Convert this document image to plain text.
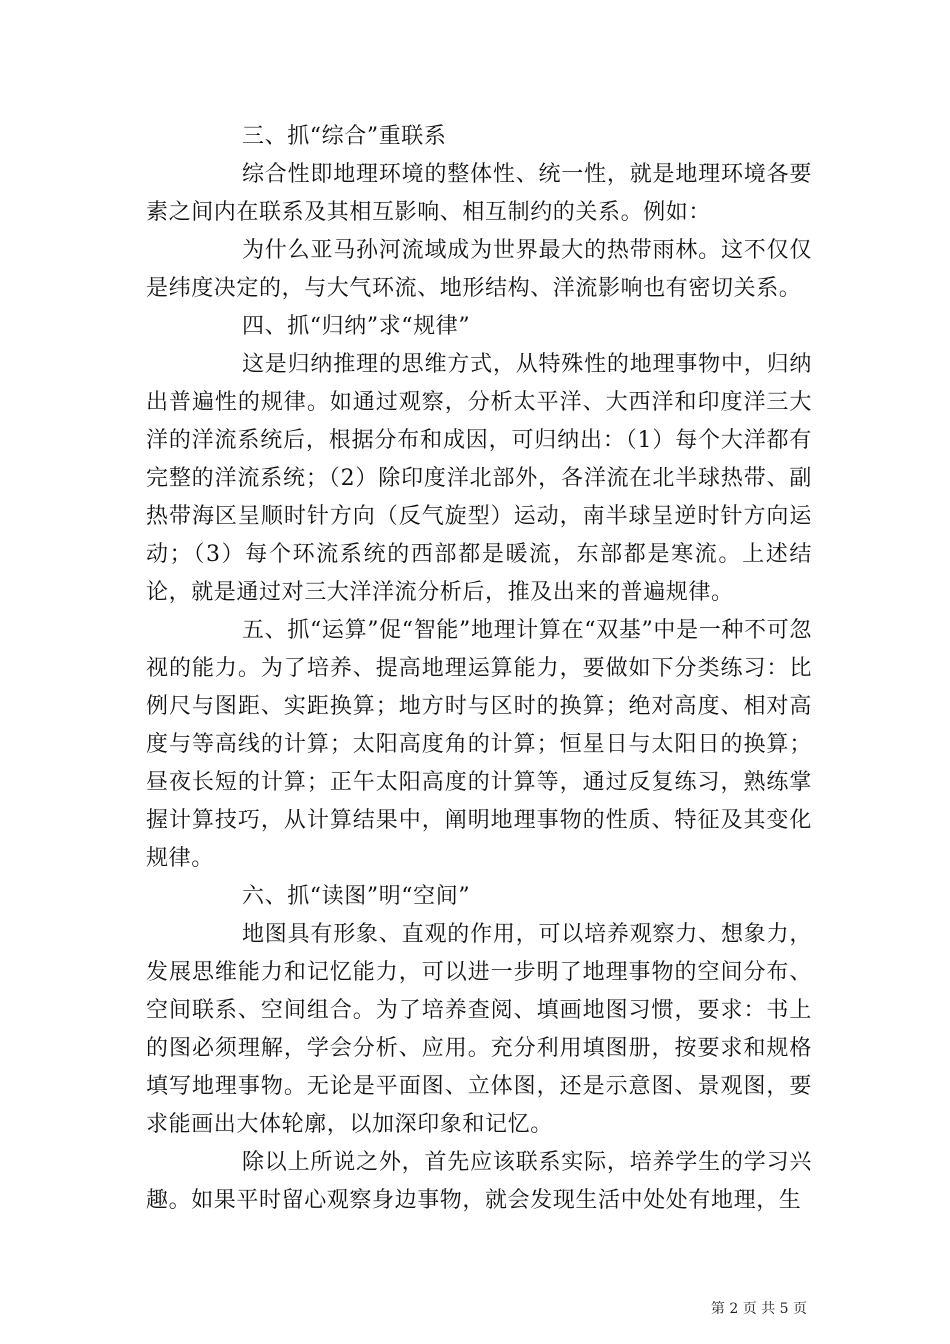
三、抓“综合”重联系

综合性即地理环境的整体性、统一性，就是地理环境各要素之间内在联系及其相互影响、相互制约的关系。例如：

为什么亚马孙河流域成为世界最大的热带雨林。这不仅仅是纬度决定的，与大气环流、地形结构、洋流影响也有密切关系。

四、抓“归纳”求“规律”

这是归纳推理的思维方式，从特殊性的地理事物中，归纳出普遍性的规律。如通过观察，分析太平洋、大西洋和印度洋三大洋的洋流系统后，根据分布和成因，可归纳出：（1）每个大洋都有完整的洋流系统；（2）除印度洋北部外，各洋流在北半球热带、副热带海区呈顺时针方向（反气旋型）运动，南半球呈逆时针方向运动；（3）每个环流系统的西部都是暖流，东部都是寒流。上述结论，就是通过对三大洋洋流分析后，推及出来的普遍规律。

五、抓“运算”促“智能”地理计算在“双基”中是一种不可忽视的能力。为了培养、提高地理运算能力，要做如下分类练习：比例尺与图距、实距换算；地方时与区时的换算；绝对高度、相对高度与等高线的计算；太阳高度角的计算；恒星日与太阳日的换算；昼夜长短的计算；正午太阳高度的计算等，通过反复练习，熟练掌握计算技巧，从计算结果中，阐明地理事物的性质、特征及其变化规律。

六、抓“读图”明“空间”

地图具有形象、直观的作用，可以培养观察力、想象力，发展思维能力和记忆能力，可以进一步明了地理事物的空间分布、空间联系、空间组合。为了培养查阅、填画地图习惯，要求：书上的图必须理解，学会分析、应用。充分利用填图册，按要求和规格填写地理事物。无论是平面图、立体图，还是示意图、景观图，要求能画出大体轮廓，以加深印象和记忆。

除以上所说之外，首先应该联系实际，培养学生的学习兴趣。如果平时留心观察身边事物，就会发现生活中处处有地理，生

第 2 页 共 5 页
